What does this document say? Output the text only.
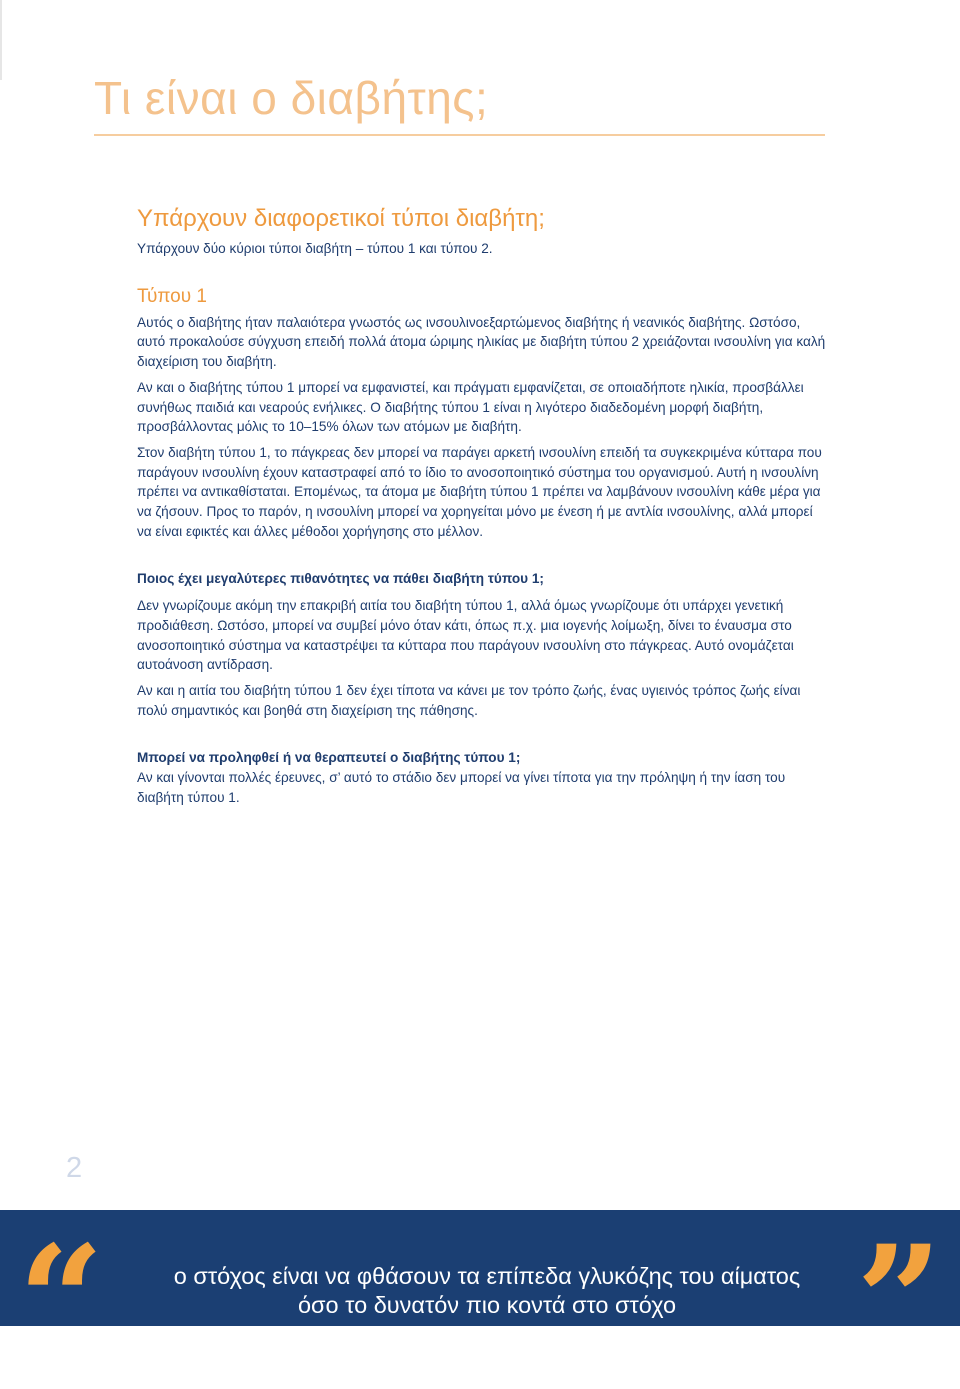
Τι είναι ο διαβήτης;
Υπάρχουν διαφορετικοί τύποι διαβήτη;

Υπάρχουν δύο κύριοι τύποι διαβήτη – τύπου 1 και τύπου 2.

Τύπου 1

Αυτός ο διαβήτης ήταν παλαιότερα γνωστός ως ινσουλινοεξαρτώμενος διαβήτης ή νεανικός διαβήτης. Ωστόσο, αυτό προκαλούσε σύγχυση επειδή πολλά άτομα ώριμης ηλικίας με διαβήτη τύπου 2 χρειάζονται ινσουλίνη για καλή διαχείριση του διαβήτη.

Αν και ο διαβήτης τύπου 1 μπορεί να εμφανιστεί, και πράγματι εμφανίζεται, σε οποιαδήποτε ηλικία, προσβάλλει συνήθως παιδιά και νεαρούς ενήλικες. Ο διαβήτης τύπου 1 είναι η λιγότερο διαδεδομένη μορφή διαβήτη, προσβάλλοντας μόλις το 10–15% όλων των ατόμων με διαβήτη.

Στον διαβήτη τύπου 1, το πάγκρεας δεν μπορεί να παράγει αρκετή ινσουλίνη επειδή τα συγκεκριμένα κύτταρα που παράγουν ινσουλίνη έχουν καταστραφεί από το ίδιο το ανοσοποιητικό σύστημα του οργανισμού. Αυτή η ινσουλίνη πρέπει να αντικαθίσταται. Επομένως, τα άτομα με διαβήτη τύπου 1 πρέπει να λαμβάνουν ινσουλίνη κάθε μέρα για να ζήσουν. Προς το παρόν, η ινσουλίνη μπορεί να χορηγείται μόνο με ένεση ή με αντλία ινσουλίνης, αλλά μπορεί να είναι εφικτές και άλλες μέθοδοι χορήγησης στο μέλλον.

Ποιος έχει μεγαλύτερες πιθανότητες να πάθει διαβήτη τύπου 1;

Δεν γνωρίζουμε ακόμη την επακριβή αιτία του διαβήτη τύπου 1, αλλά όμως γνωρίζουμε ότι υπάρχει γενετική προδιάθεση. Ωστόσο, μπορεί να συμβεί μόνο όταν κάτι, όπως π.χ. μια ιογενής λοίμωξη, δίνει το έναυσμα στο ανοσοποιητικό σύστημα να καταστρέψει τα κύτταρα που παράγουν ινσουλίνη στο πάγκρεας. Αυτό ονομάζεται αυτοάνοση αντίδραση.

Αν και η αιτία του διαβήτη τύπου 1 δεν έχει τίποτα να κάνει με τον τρόπο ζωής, ένας υγιεινός τρόπος ζωής είναι πολύ σημαντικός και βοηθά στη διαχείριση της πάθησης.

Μπορεί να προληφθεί ή να θεραπευτεί ο διαβήτης τύπου 1;

Αν και γίνονται πολλές έρευνες, σ’ αυτό το στάδιο δεν μπορεί να γίνει τίποτα για την πρόληψη ή την ίαση του διαβήτη τύπου 1.

2
“	”

ο στόχος είναι να φθάσουν τα επίπεδα γλυκόζης του αίματος
όσο το δυνατόν πιο κοντά στο στόχο
